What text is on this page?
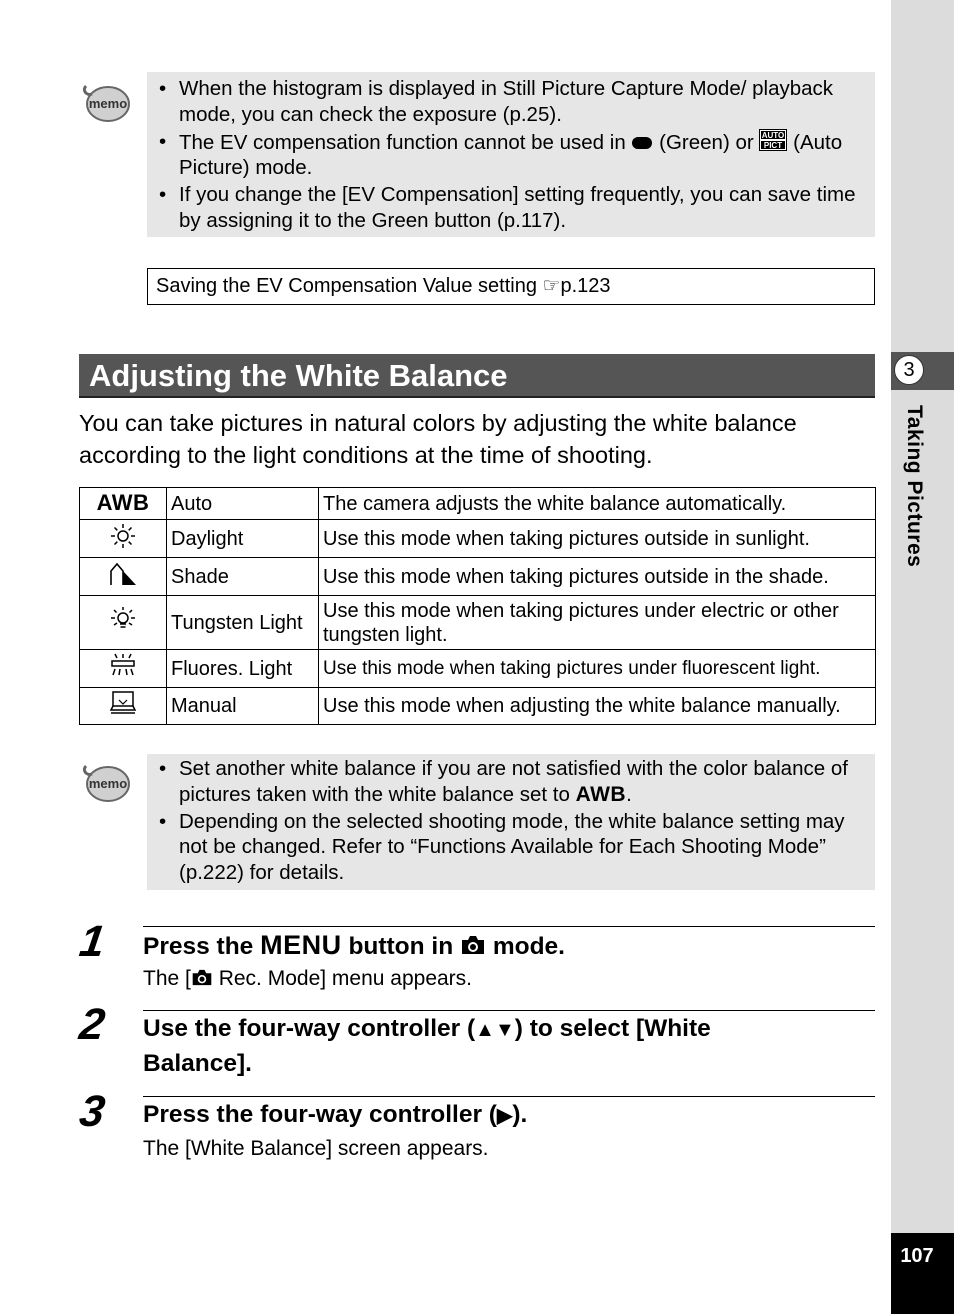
3
Taking Pictures
107
memo
• When the histogram is displayed in Still Picture Capture Mode/ playback mode, you can check the exposure (p.25).
• The EV compensation function cannot be used in (Green) or AUTO
PICT (Auto Picture) mode.
• If you change the [EV Compensation] setting frequently, you can save time by assigning it to the Green button (p.117).
Saving the EV Compensation Value setting ☞p.123
Adjusting the White Balance
You can take pictures in natural colors by adjusting the white balance according to the light conditions at the time of shooting.
AWB	Auto	The camera adjusts the white balance automatically.
	Daylight	Use this mode when taking pictures outside in sunlight.
	Shade	Use this mode when taking pictures outside in the shade.
	Tungsten Light	Use this mode when taking pictures under electric or other tungsten light.
	Fluores. Light	Use this mode when taking pictures under fluorescent light.
	Manual	Use this mode when adjusting the white balance manually.
memo
• Set another white balance if you are not satisfied with the color balance of pictures taken with the white balance set to AWB.
• Depending on the selected shooting mode, the white balance setting may not be changed. Refer to “Functions Available for Each Shooting Mode” (p.222) for details.
1 Press the MENU button in mode.
The [ Rec. Mode] menu appears.
2 Use the four-way controller (▲▼) to select [White
Balance].
3 Press the four-way controller (▶).
The [White Balance] screen appears.
